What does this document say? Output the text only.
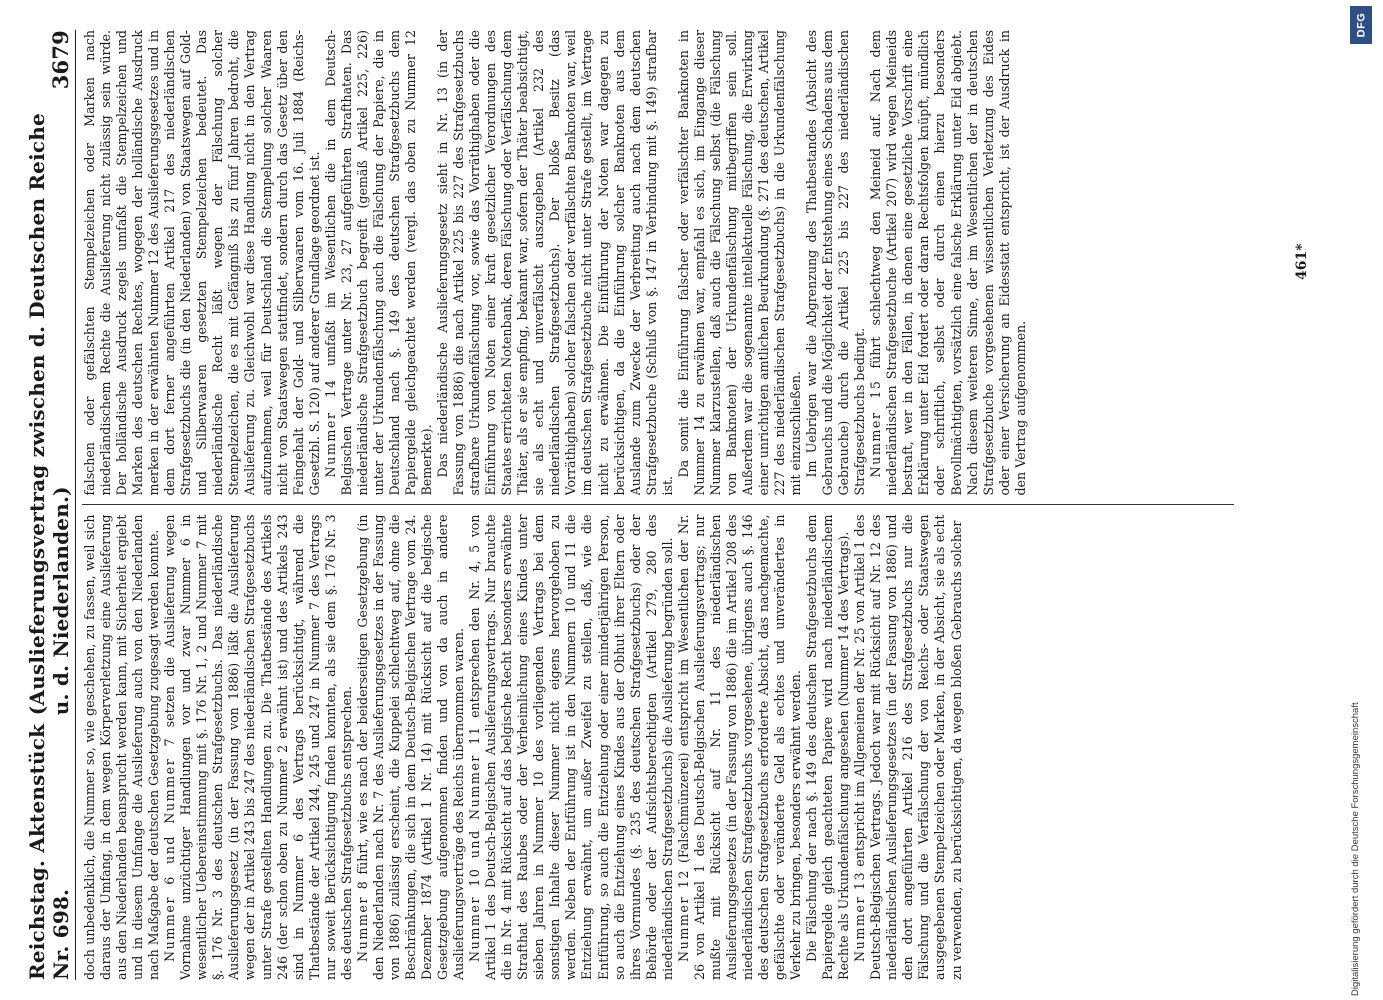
Reichstag. Aktenstück Nr. 698.
(Auslieferungsvertrag zwischen d. Deutschen Reiche u. d. Niederlanden.)
3679

doch unbedenklich, die Nummer so, wie geschehen, zu fassen, weil sich daraus der Umfang, in dem wegen Körperverletzung eine Auslieferung aus den Niederlanden beansprucht werden kann, mit Sicherheit ergiebt und in diesem Umfange die Auslieferung auch von den Niederlanden nach Maßgabe der deutschen Gesetzgebung zugesagt werden konnte. Nummer 6 und Nummer 7 setzen die Auslieferung wegen Vornahme unzüchtiger Handlungen vor und zwar Nummer 6 in wesentlicher Uebereinstimmung mit §. 176 Nr. 1, 2 und Nummer 7 mit §. 176 Nr. 3 des deutschen Strafgesetzbuchs. Das niederländische Auslieferungsgesetz (in der Fassung von 1886) läßt die Auslieferung wegen der in Artikel 243 bis 247 des niederländischen Strafgesetzbuchs unter Strafe gestellten Handlungen zu. Die Thatbestände des Artikels 246 (der schon oben zu Nummer 2 erwähnt ist) und des Artikels 243 sind in Nummer 6 des Vertrags berücksichtigt, während die Thatbestände der Artikel 244, 245 und 247 in Nummer 7 des Vertrags nur soweit Berücksichtigung finden konnten, als sie dem §. 176 Nr. 3 des deutschen Strafgesetzbuchs entsprechen. Nummer 8 führt, wie es nach der beiderseitigen Gesetzgebung (in den Niederlanden nach Nr. 7 des Auslieferungsgesetzes in der Fassung von 1886) zulässig erscheint, die Kuppelei schlechtweg auf, ohne die Beschränkungen, die sich in dem Deutsch-Belgischen Vertrage vom 24. Dezember 1874 (Artikel 1 Nr. 14) mit Rücksicht auf die belgische Gesetzgebung aufgenommen finden und von da auch in andere Auslieferungsverträge des Reichs übernommen waren. Nummer 10 und Nummer 11 entsprechen den Nr. 4, 5 von Artikel 1 des Deutsch-Belgischen Auslieferungsvertrags. Nur brauchte die in Nr. 4 mit Rücksicht auf das belgische Recht besonders erwähnte Strafthat des Raubes oder der Verheimlichung eines Kindes unter sieben Jahren in Nummer 10 des vorliegenden Vertrags bei dem sonstigen Inhalte dieser Nummer nicht eigens hervorgehoben zu werden. Neben der Entführung ist in den Nummern 10 und 11 die Entziehung erwähnt, um außer Zweifel zu stellen, daß, wie die Entführung, so auch die Entziehung oder einer minderjährigen Person, so auch die Entziehung eines Kindes aus der Obhut ihrer Eltern oder ihres Vormundes (§. 235 des deutschen Strafgesetzbuchs) oder der Behörde oder der Aufsichtsberechtigten (Artikel 279, 280 des niederländischen Strafgesetzbuchs) die Auslieferung begründen soll. Nummer 12 (Falschmünzerei) entspricht im Wesentlichen der Nr. 26 von Artikel 1 des Deutsch-Belgischen Auslieferungsvertrags; nur mußte mit Rücksicht auf Nr. 11 des niederländischen Auslieferungsgesetzes (in der Fassung von 1886) die im Artikel 208 des niederländischen Strafgesetzbuchs vorgesehene, übrigens auch §. 146 des deutschen Strafgesetzbuchs erforderte Absicht, das nachgemachte, gefälschte oder veränderte Geld als echtes und unverändertes in Verkehr zu bringen, besonders erwähnt werden. Die Fälschung der nach §. 149 des deutschen Strafgesetzbuchs dem Papiergelde gleich geachteten Papiere wird nach niederländischem Rechte als Urkundenfälschung angesehen (Nummer 14 des Vertrags). Nummer 13 entspricht im Allgemeinen der Nr. 25 von Artikel 1 des Deutsch-Belgischen Vertrags. Jedoch war mit Rücksicht auf Nr. 12 des niederländischen Auslieferungsgesetzes (in der Fassung von 1886) und den dort angeführten Artikel 216 des Strafgesetzbuchs nur die Fälschung und die Verfälschung der von Reichs- oder Staatswegen ausgegebenen Stempelzeichen oder Marken, in der Absicht, sie als echt zu verwenden, zu berücksichtigen, da wegen bloßen Gebrauchs solcher

falschen oder gefälschten Stempelzeichen oder Marken nach niederländischem Rechte die Auslieferung nicht zulässig sein würde. Der holländische Ausdruck zegels umfaßt die Stempelzeichen und Marken des deutschen Rechtes, wogegen der holländische Ausdruck merken in der erwähnten Nummer 12 des Auslieferungsgesetzes und in dem dort ferner angeführten Artikel 217 des niederländischen Strafgesetzbuchs die (in den Niederlanden) von Staatswegen auf Gold- und Silberwaaren gesetzten Stempelzeichen bedeutet. Das niederländische Recht läßt wegen der Fälschung solcher Stempelzeichen, die es mit Gefängniß bis zu fünf Jahren bedroht, die Auslieferung zu. Gleichwohl war diese Handlung nicht in den Vertrag aufzunehmen, weil für Deutschland die Stempelung solcher Waaren nicht von Staatswegen stattfindet, sondern durch das Gesetz über den Feingehalt der Gold- und Silberwaaren vom 16. Juli 1884 (Reichs-Gesetzbl. S. 120) auf anderer Grundlage geordnet ist. Nummer 14 umfaßt im Wesentlichen die in dem Deutsch-Belgischen Vertrage unter Nr. 23, 27 aufgeführten Strafthaten. Das niederländische Strafgesetzbuch begreift (gemäß Artikel 225, 226) unter der Urkundenfälschung auch die Fälschung der Papiere, die in Deutschland nach §. 149 des deutschen Strafgesetzbuchs dem Papiergelde gleichgeachtet werden (vergl. das oben zu Nummer 12 Bemerkte). Das niederländische Auslieferungsgesetz sieht in Nr. 13 (in der Fassung von 1886) die nach Artikel 225 bis 227 des Strafgesetzbuchs strafbare Urkundenfälschung vor, sowie das Vorräthighaben oder die Einführung von Noten einer kraft gesetzlicher Verordnungen des Staates errichteten Notenbank, deren Fälschung oder Verfälschung dem Thäter, als er sie empfing, bekannt war, sofern der Thäter beabsichtigt, sie als echt und unverfälscht auszugeben (Artikel 232 des niederländischen Strafgesetzbuchs). Der bloße Besitz (das Vorräthighaben) solcher falschen oder verfälschten Banknoten war, weil im deutschen Strafgesetzbuche nicht unter Strafe gestellt, im Vertrage nicht zu erwähnen. Die Einführung der Noten war dagegen zu berücksichtigen, da die Einführung solcher Banknoten aus dem Auslande zum Zwecke der Verbreitung auch nach dem deutschen Strafgesetzbuche (Schluß von §. 147 in Verbindung mit §. 149) strafbar ist.

Da somit die Einführung falscher oder verfälschter Banknoten in Nummer 14 zu erwähnen war, empfahl es sich, im Eingange dieser Nummer klarzustellen, daß auch die Fälschung selbst (die Fälschung von Banknoten) der Urkundenfälschung mitbegriffen sein soll. Außerdem war die sogenannte intellektuelle Fälschung, die Erwirkung einer unrichtigen amtlichen Beurkundung (§. 271 des deutschen, Artikel 227 des niederländischen Strafgesetzbuchs) in die Urkundenfälschung mit einzuschließen. Im Uebrigen war die Abgrenzung des Thatbestandes (Absicht des Gebrauchs und die Möglichkeit der Entstehung eines Schadens aus dem Gebrauche) durch die Artikel 225 bis 227 des niederländischen Strafgesetzbuchs bedingt. Nummer 15 führt schlechtweg den Meineid auf. Nach dem niederländischen Strafgesetzbuche (Artikel 207) wird wegen Meineids bestraft, wer in den Fällen, in denen eine gesetzliche Vorschrift eine Erklärung unter Eid fordert oder daran Rechtsfolgen knüpft, mündlich oder schriftlich, selbst oder durch einen hierzu besonders Bevollmächtigten, vorsätzlich eine falsche Erklärung unter Eid abgiebt. Nach diesem weiteren Sinne, der im Wesentlichen der in deutschen Strafgesetzbuche vorgesehenen wissentlichen Verletzung des Eides oder einer Versicherung an Eidesstatt entspricht, ist der Ausdruck in den Vertrag aufgenommen.

461*
DFG
Digitalisierung gefördert durch die Deutsche Forschungsgemeinschaft
